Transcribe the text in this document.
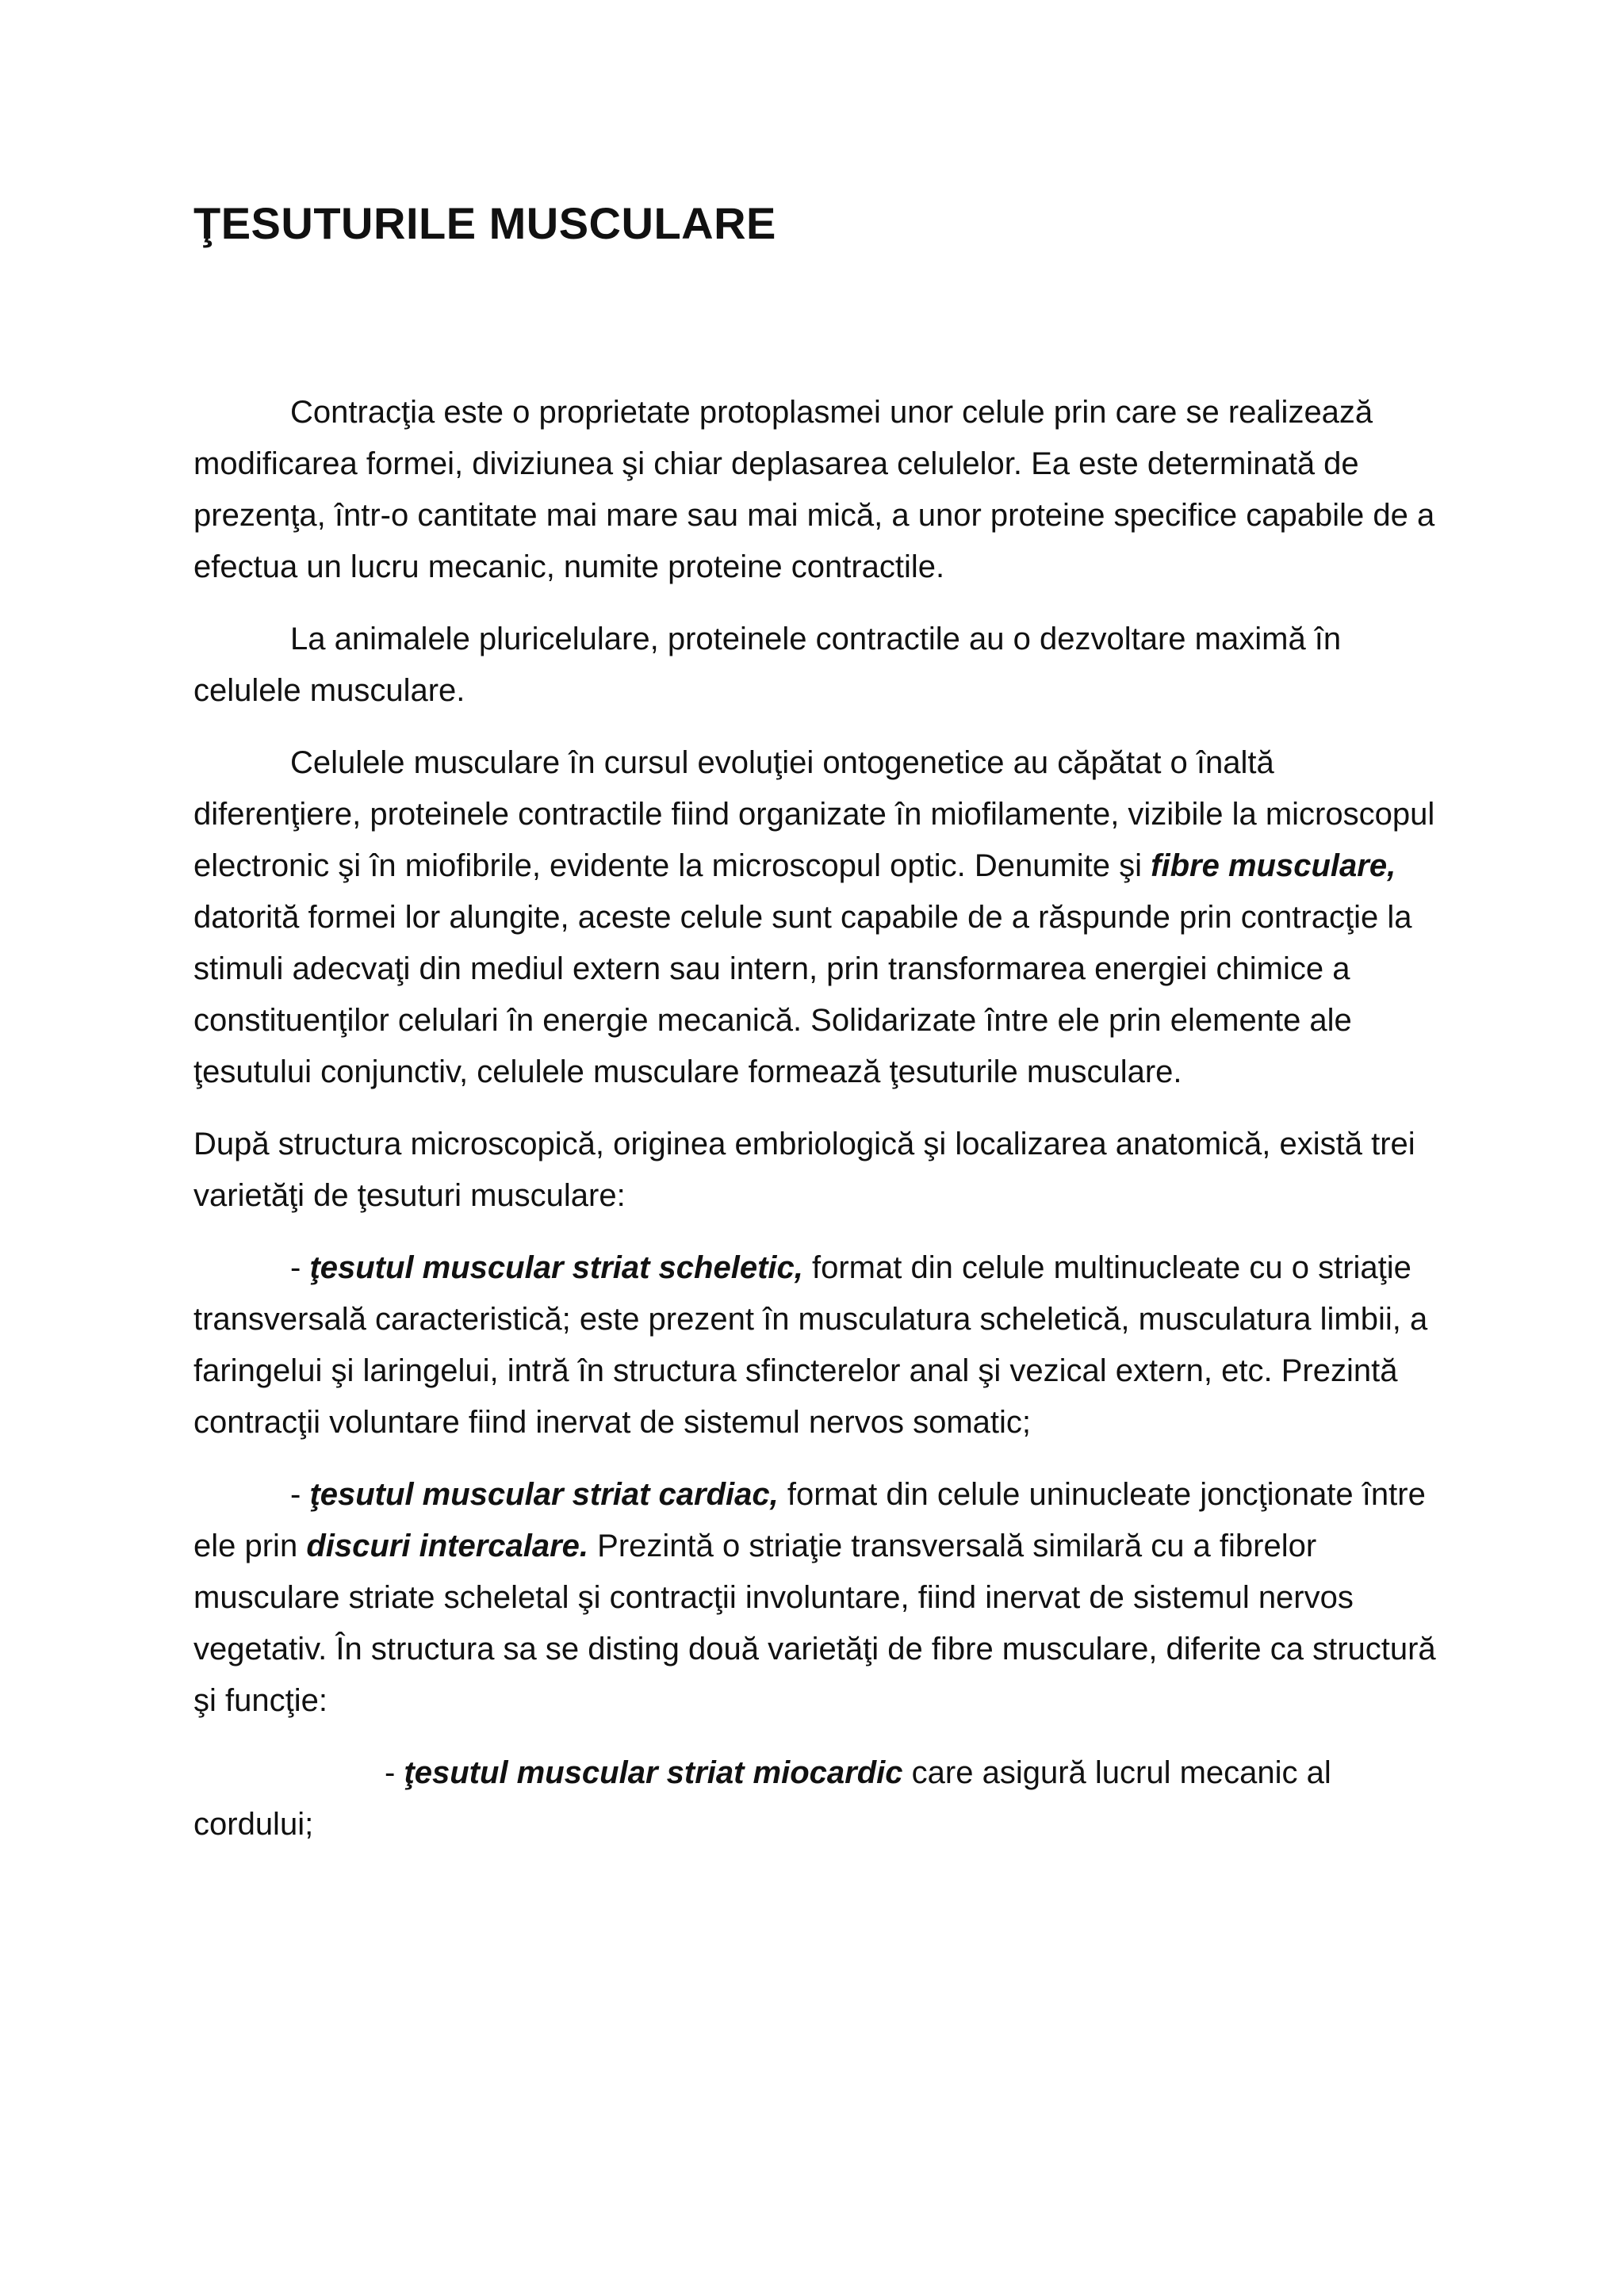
ŢESUTURILE MUSCULARE

Contracţia este o proprietate protoplasmei unor celule prin care se realizează modificarea formei, diviziunea şi chiar deplasarea celulelor. Ea este determinată de prezenţa, într-o cantitate mai mare sau mai mică, a unor proteine specifice capabile de a efectua un lucru mecanic, numite proteine contractile.

La animalele pluricelulare, proteinele contractile au o dezvoltare maximă în celulele musculare.

Celulele musculare în cursul evoluţiei ontogenetice au căpătat o înaltă diferenţiere, proteinele contractile fiind organizate în miofilamente, vizibile la microscopul electronic şi în miofibrile, evidente la microscopul optic. Denumite şi fibre musculare, datorită formei lor alungite, aceste celule sunt capabile de a răspunde prin contracţie la stimuli adecvaţi din mediul extern sau intern, prin transformarea energiei chimice a constituenţilor celulari în energie mecanică. Solidarizate între ele prin elemente ale ţesutului conjunctiv, celulele musculare formează ţesuturile musculare.

După structura microscopică, originea embriologică şi localizarea anatomică, există trei varietăţi de ţesuturi musculare:

- ţesutul muscular striat scheletic, format din celule multinucleate cu o striaţie transversală caracteristică; este prezent în musculatura scheletică, musculatura limbii, a faringelui şi laringelui, intră în structura sfincterelor anal şi vezical extern, etc. Prezintă contracţii voluntare fiind inervat de sistemul nervos somatic;

- ţesutul muscular striat cardiac, format din celule uninucleate joncţionate între ele prin discuri intercalare. Prezintă o striaţie transversală similară cu a fibrelor musculare striate scheletal şi contracţii involuntare, fiind inervat de sistemul nervos vegetativ. În structura sa se disting două varietăţi de fibre musculare, diferite ca structură şi funcţie:

- ţesutul muscular striat miocardic care asigură lucrul mecanic al cordului;
